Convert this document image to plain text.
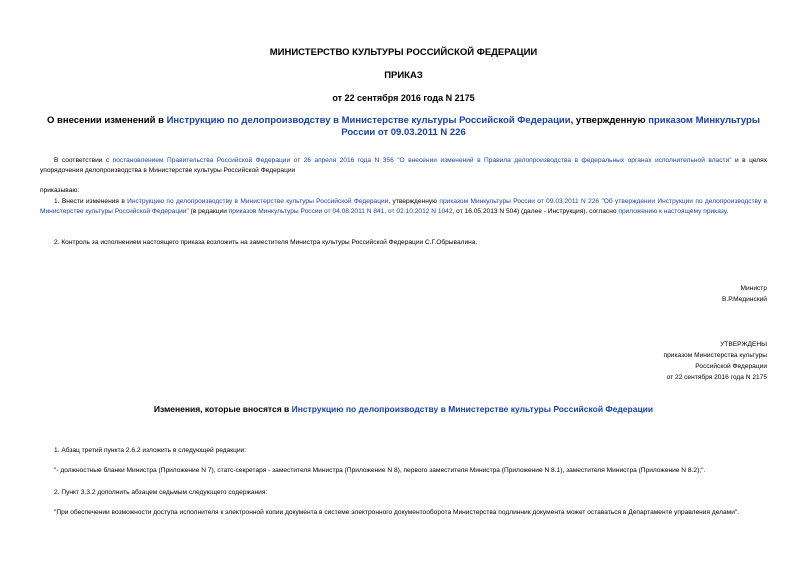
МИНИСТЕРСТВО КУЛЬТУРЫ РОССИЙСКОЙ ФЕДЕРАЦИИ
ПРИКАЗ
от 22 сентября 2016 года N 2175
О внесении изменений в Инструкцию по делопроизводству в Министерстве культуры Российской Федерации, утвержденную приказом Минкультуры России от 09.03.2011 N 226
В соответствии с постановлением Правительства Российской Федерации от 26 апреля 2016 года N 356 "О внесении изменений в Правила делопроизводства в федеральных органах исполнительной власти" и в целях упорядочения делопроизводства в Министерстве культуры Российской Федерации
приказываю:
1. Внести изменения в Инструкцию по делопроизводству в Министерстве культуры Российской Федерации, утвержденную приказом Минкультуры России от 09.03.2011 N 226 "Об утверждении Инструкции по делопроизводству в Министерстве культуры Российской Федерации" (в редакции приказов Минкультуры России от 04.08.2011 N 841, от 02.10.2012 N 1042, от 16.05.2013 N 504) (далее - Инструкция), согласно приложению к настоящему приказу.
2. Контроль за исполнением настоящего приказа возложить на заместителя Министра культуры Российской Федерации С.Г.Обрывалина.
Министр
В.Р.Мединский
УТВЕРЖДЕНЫ
приказом Министерства культуры
Российской Федерации
от 22 сентября 2016 года N 2175
Изменения, которые вносятся в Инструкцию по делопроизводству в Министерстве культуры Российской Федерации
1. Абзац третий пункта 2.6.2 изложить в следующей редакции:
"- должностные бланки Министра (Приложение N 7), статс-секретаря - заместителя Министра (Приложение N 8), первого заместителя Министра (Приложение N 8.1), заместителя Министра (Приложение N 8.2);".
2. Пункт 3.3.2 дополнить абзацем седьмым следующего содержания:
"При обеспечении возможности доступа исполнителя к электронной копии документа в системе электронного документооборота Министерства подлинник документа может оставаться в Департаменте управления делами".
